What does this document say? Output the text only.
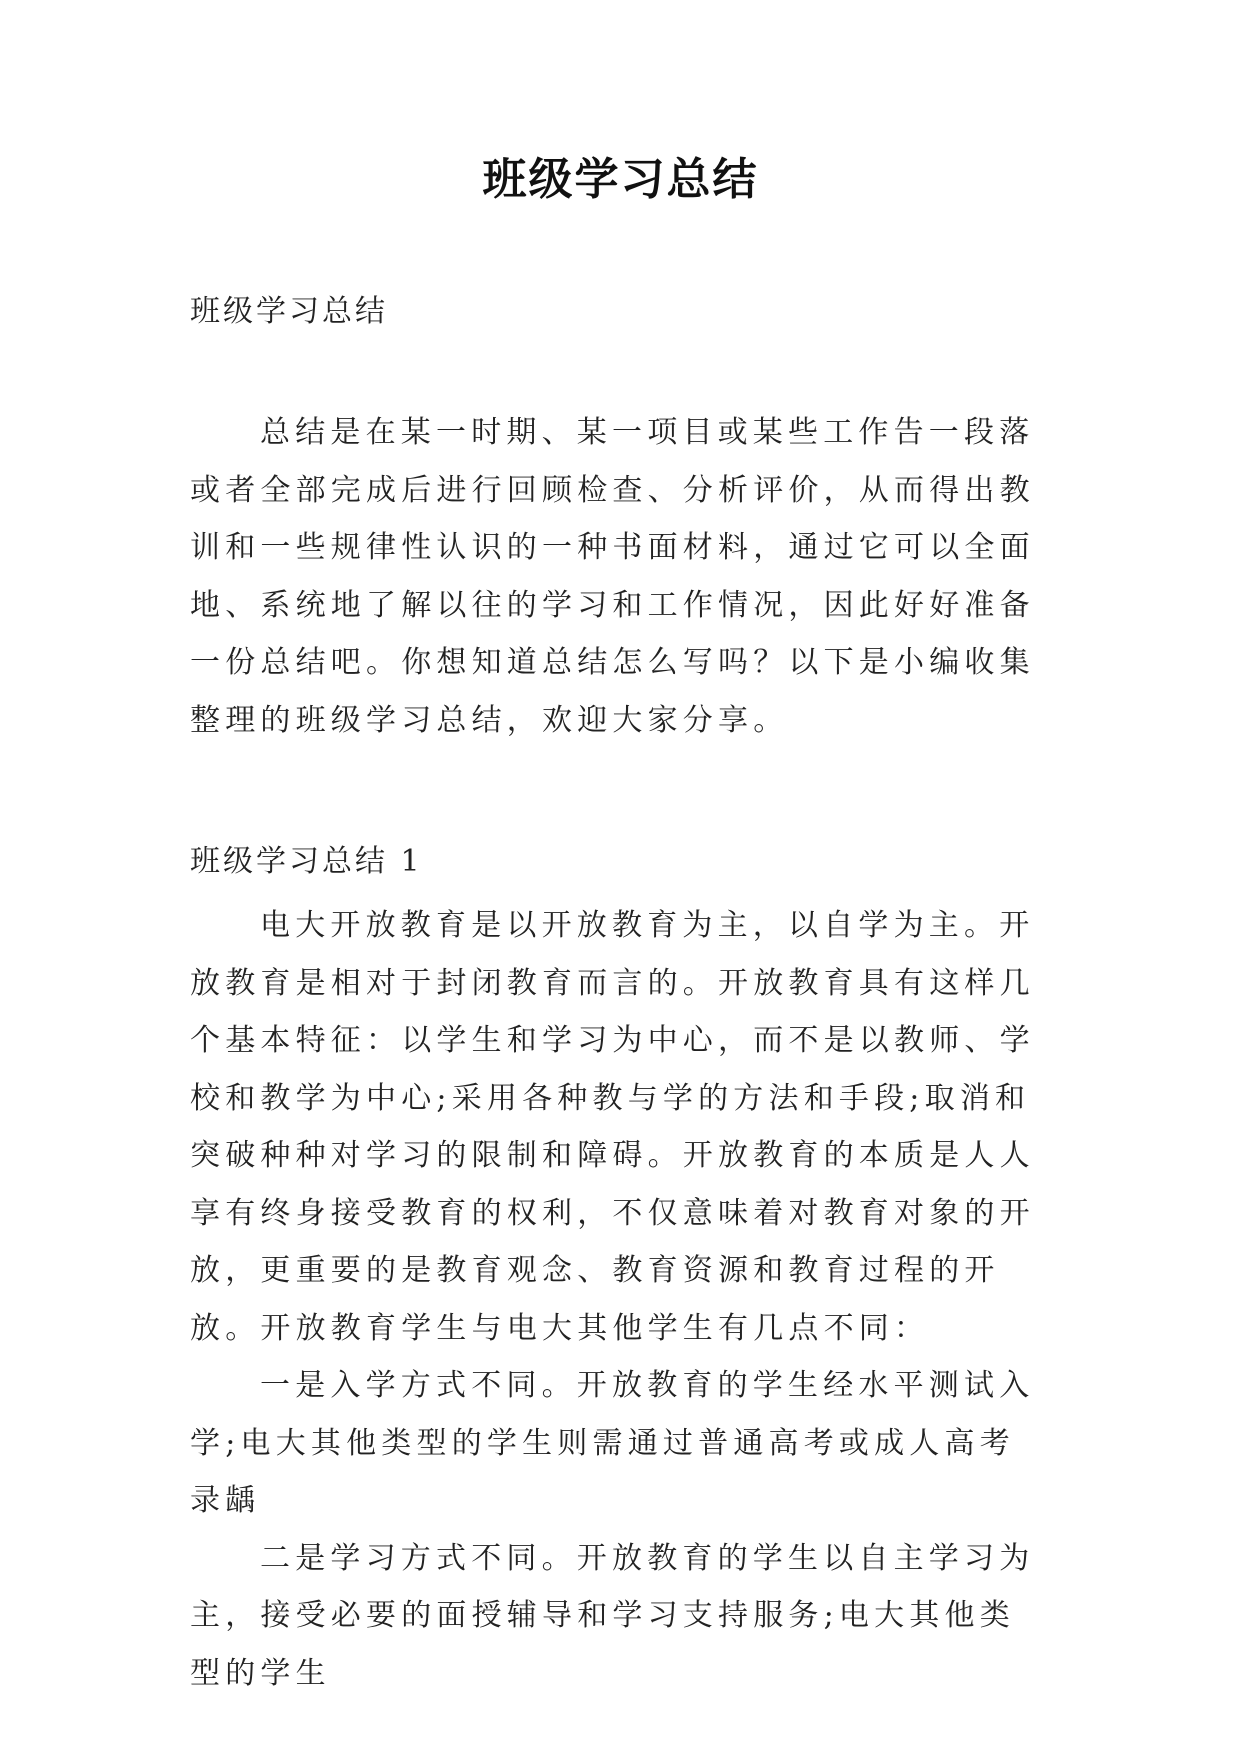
班级学习总结

班级学习总结

总结是在某一时期、某一项目或某些工作告一段落或者全部完成后进行回顾检查、分析评价，从而得出教训和一些规律性认识的一种书面材料，通过它可以全面地、系统地了解以往的学习和工作情况，因此好好准备一份总结吧。你想知道总结怎么写吗？以下是小编收集整理的班级学习总结，欢迎大家分享。

班级学习总结 1

电大开放教育是以开放教育为主，以自学为主。开放教育是相对于封闭教育而言的。开放教育具有这样几个基本特征：以学生和学习为中心，而不是以教师、学校和教学为中心;采用各种教与学的方法和手段;取消和突破种种对学习的限制和障碍。开放教育的本质是人人享有终身接受教育的权利，不仅意味着对教育对象的开放，更重要的是教育观念、教育资源和教育过程的开放。开放教育学生与电大其他学生有几点不同：

一是入学方式不同。开放教育的学生经水平测试入学;电大其他类型的学生则需通过普通高考或成人高考录龋

二是学习方式不同。开放教育的学生以自主学习为主，接受必要的面授辅导和学习支持服务;电大其他类型的学生
